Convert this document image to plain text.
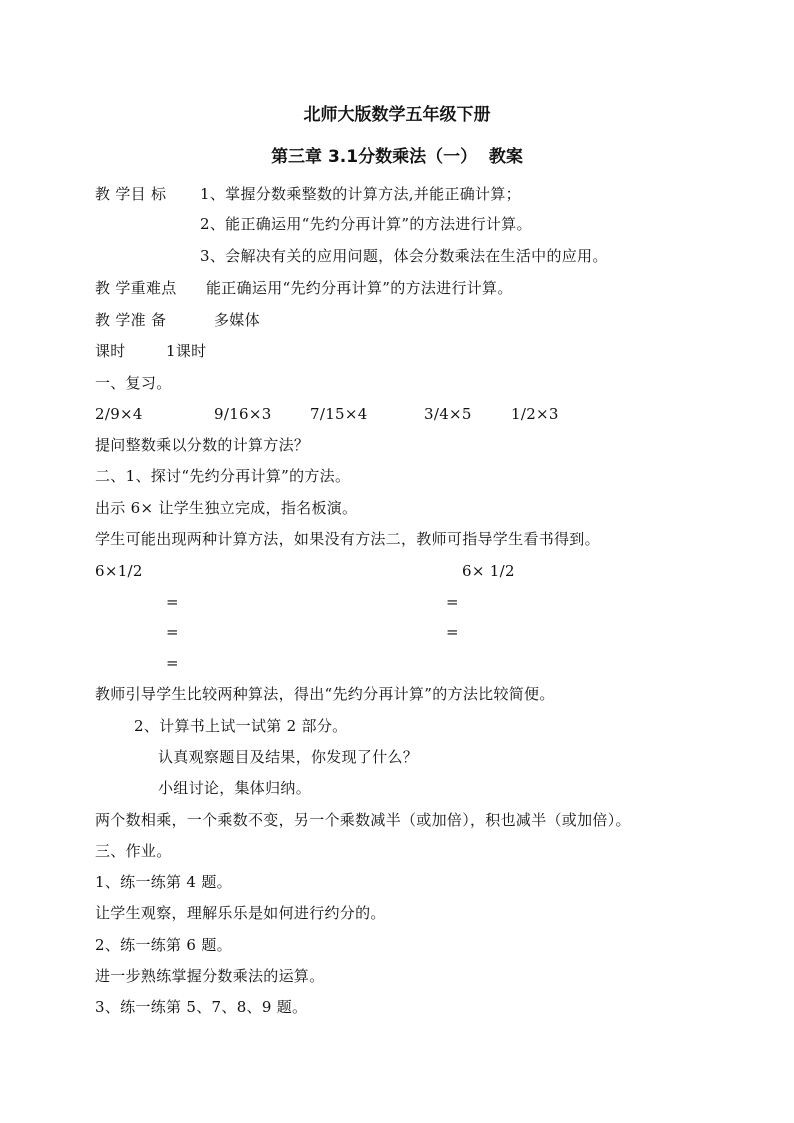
北师大版数学五年级下册
第三章 3.1分数乘法（一）  教案
教 学目 标 1、掌握分数乘整数的计算方法,并能正确计算；
2、能正确运用“先约分再计算”的方法进行计算。
3、会解决有关的应用问题，体会分数乘法在生活中的应用。
教 学重难点 能正确运用“先约分再计算”的方法进行计算。
教 学准 备	多媒体
课时	1课时
一、复习。
2/9×4	9/16×3	7/15×4	3/4×5	1/2×3
提问整数乘以分数的计算方法？
二、1、探讨“先约分再计算”的方法。
出示 6× 让学生独立完成，指名板演。
学生可能出现两种计算方法，如果没有方法二，教师可指导学生看书得到。
6×1/2	6× 1/2
=	=
=	=
=
教师引导学生比较两种算法，得出“先约分再计算”的方法比较简便。
2、计算书上试一试第 2 部分。
认真观察题目及结果，你发现了什么？
小组讨论，集体归纳。
两个数相乘，一个乘数不变，另一个乘数减半（或加倍），积也减半（或加倍）。
三、作业。
1、练一练第 4 题。
让学生观察，理解乐乐是如何进行约分的。
2、练一练第 6 题。
进一步熟练掌握分数乘法的运算。
3、练一练第 5、7、8、9 题。
